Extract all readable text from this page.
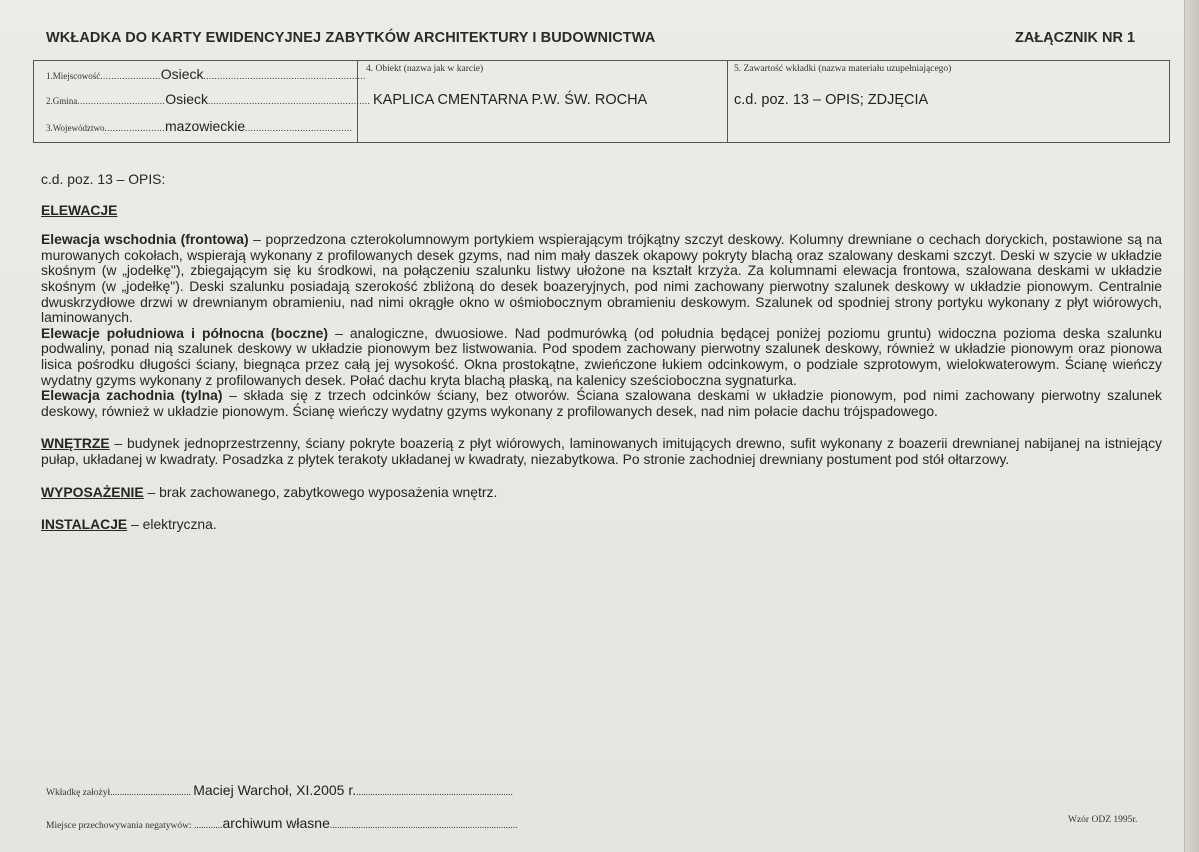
WKŁADKA DO KARTY EWIDENCYJNEJ ZABYTKÓW ARCHITEKTURY I BUDOWNICTWA	ZAŁĄCZNIK NR 1
1.Miejscowość......................Osieck...........................................................
2.Gmina................................Osieck...........................................................
3.Województwo......................mazowieckie.......................................
4. Obiekt (nazwa jak w karcie)
KAPLICA CMENTARNA P.W. ŚW. ROCHA
5. Zawartość wkładki (nazwa materiału uzupełniającego)
c.d. poz. 13 – OPIS; ZDJĘCIA

c.d. poz. 13 – OPIS:

ELEWACJE

Elewacja wschodnia (frontowa) – poprzedzona czterokolumnowym portykiem wspierającym trójkątny szczyt deskowy. Kolumny drewniane o cechach doryckich, postawione są na murowanych cokołach, wspierają wykonany z profilowanych desek gzyms, nad nim mały daszek okapowy pokryty blachą oraz szalowany deskami szczyt. Deski w szycie w układzie skośnym (w „jodełkę"), zbiegającym się ku środkowi, na połączeniu szalunku listwy ułożone na kształt krzyża. Za kolumnami elewacja frontowa, szalowana deskami w układzie skośnym (w „jodełkę"). Deski szalunku posiadają szerokość zbliżoną do desek boazeryjnych, pod nimi zachowany pierwotny szalunek deskowy w układzie pionowym. Centralnie dwuskrzydłowe drzwi w drewnianym obramieniu, nad nimi okrągłe okno w ośmiobocznym obramieniu deskowym. Szalunek od spodniej strony portyku wykonany z płyt wiórowych, laminowanych.

Elewacje południowa i północna (boczne) – analogiczne, dwuosiowe. Nad podmurówką (od południa będącej poniżej poziomu gruntu) widoczna pozioma deska szalunku podwaliny, ponad nią szalunek deskowy w układzie pionowym bez listwowania. Pod spodem zachowany pierwotny szalunek deskowy, również w układzie pionowym oraz pionowa lisica pośrodku długości ściany, biegnąca przez całą jej wysokość. Okna prostokątne, zwieńczone łukiem odcinkowym, o podziale szprotowym, wielokwaterowym. Ścianę wieńczy wydatny gzyms wykonany z profilowanych desek. Połać dachu kryta blachą płaską, na kalenicy sześcioboczna sygnaturka.

Elewacja zachodnia (tylna) – składa się z trzech odcinków ściany, bez otworów. Ściana szalowana deskami w układzie pionowym, pod nimi zachowany pierwotny szalunek deskowy, również w układzie pionowym. Ścianę wieńczy wydatny gzyms wykonany z profilowanych desek, nad nim połacie dachu trójspadowego.

WNĘTRZE – budynek jednoprzestrzenny, ściany pokryte boazerią z płyt wiórowych, laminowanych imitujących drewno, sufit wykonany z boazerii drewnianej nabijanej na istniejący pułap, układanej w kwadraty. Posadzka z płytek terakoty układanej w kwadraty, niezabytkowa. Po stronie zachodniej drewniany postument pod stół ołtarzowy.

WYPOSAŻENIE – brak zachowanego, zabytkowego wyposażenia wnętrz.

INSTALACJE – elektryczna.

Wkładkę założył.................................. Maciej Warchoł, XI.2005 r...................................................................
Miejsce przechowywania negatywów: ............archiwum własne...............................................................................
Wzór ODZ 1995r.
